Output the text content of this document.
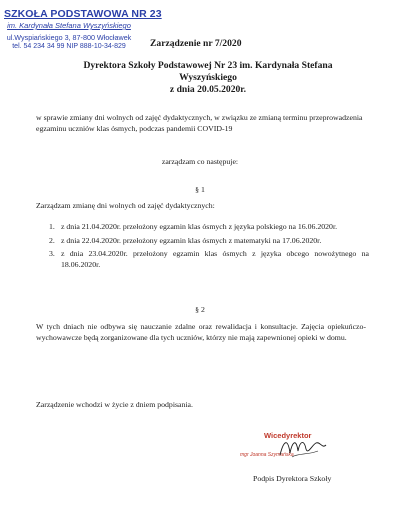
SZKOŁA PODSTAWOWA NR 23
im. Kardynała Stefana Wyszyńskiego
ul.Wyspiańskiego 3, 87-800 Włocławek
tel. 54 234 34 99 NIP 888-10-34-829	Zarządzenie nr 7/2020
Dyrektora Szkoły Podstawowej Nr 23 im. Kardynała Stefana
Wyszyńskiego
z dnia 20.05.2020r.
w sprawie zmiany dni wolnych od zajęć dydaktycznych, w związku ze zmianą terminu przeprowadzenia egzaminu uczniów klas ósmych, podczas pandemii COVID-19
zarządzam co następuje:
§ 1
Zarządzam zmianę dni wolnych od zajęć dydaktycznych:
1. z dnia 21.04.2020r. przełożony egzamin klas ósmych z języka polskiego na 16.06.2020r.
2. z dnia 22.04.2020r. przełożony egzamin klas ósmych z matematyki na 17.06.2020r.
3. z dnia 23.04.2020r. przełożony egzamin klas ósmych z języka obcego nowożytnego na 18.06.2020r.
§ 2
W tych dniach nie odbywa się nauczanie zdalne oraz rewalidacja i konsultacje. Zajęcia opiekuńczo- wychowawcze będą zorganizowane dla tych uczniów, którzy nie mają zapewnionej opieki w domu.
Zarządzenie wchodzi w życie z dniem podpisania.
Wicedyrektor
mgr Joanna Szymańska
Podpis Dyrektora Szkoły
